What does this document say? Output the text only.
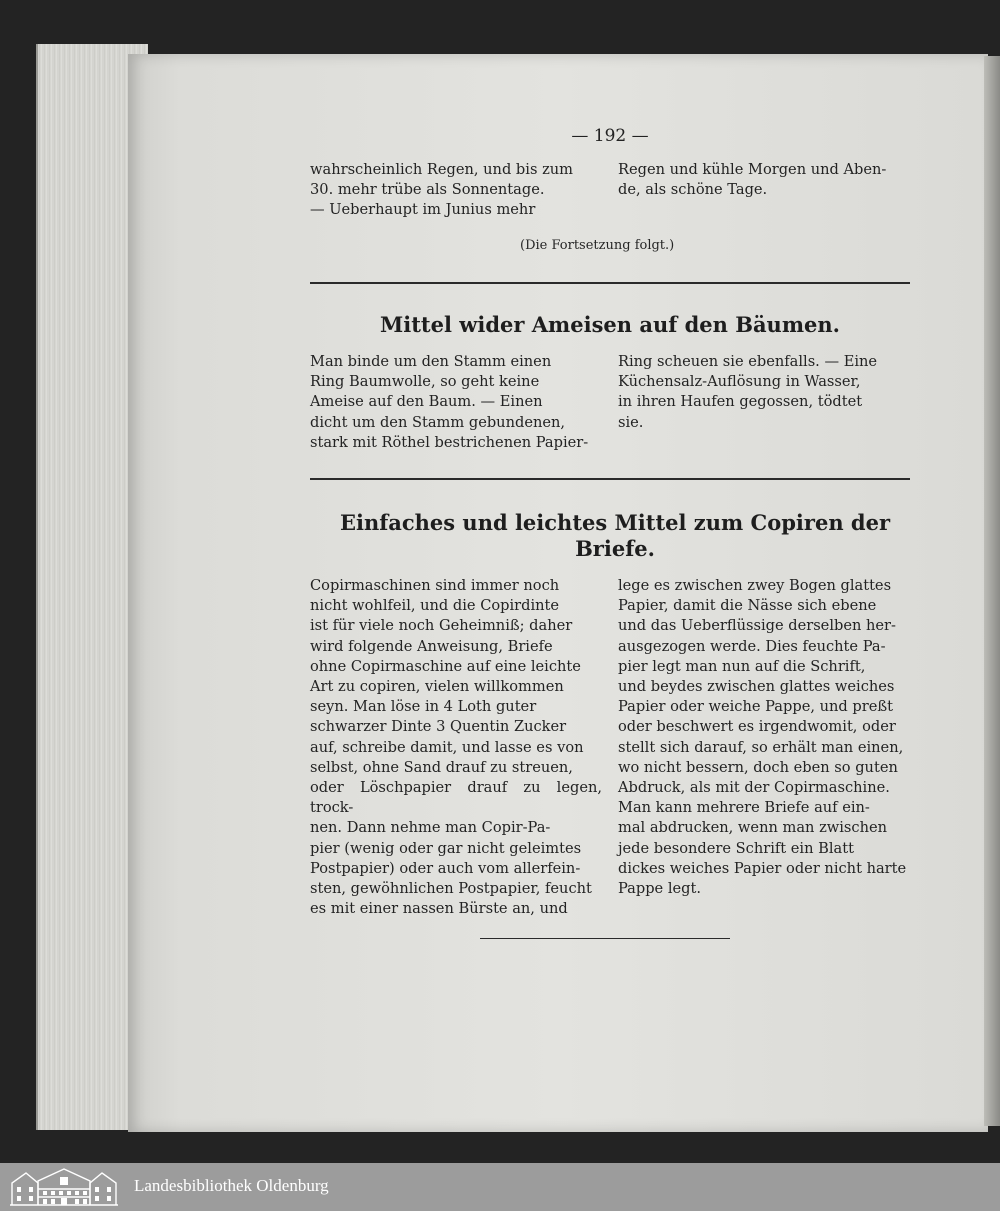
— 192 —

wahrscheinlich Regen, und bis zum

30. mehr trübe als Sonnentage.

— Ueberhaupt im Junius mehr

Regen und kühle Morgen und Aben-

de, als schöne Tage.

(Die Fortsetzung folgt.)
Mittel wider Ameisen auf den Bäumen.

Man binde um den Stamm einen

Ring Baumwolle, so geht keine

Ameise auf den Baum. — Einen

dicht um den Stamm gebundenen,

stark mit Röthel bestrichenen Papier-

Ring scheuen sie ebenfalls. — Eine

Küchensalz-Auflösung in Wasser,

in ihren Haufen gegossen, tödtet

sie.

Einfaches und leichtes Mittel zum Copiren der
Briefe.

Copirmaschinen sind immer noch

nicht wohlfeil, und die Copirdinte

ist für viele noch Geheimniß; daher

wird folgende Anweisung, Briefe

ohne Copirmaschine auf eine leichte

Art zu copiren, vielen willkommen

seyn. Man löse in 4 Loth guter

schwarzer Dinte 3 Quentin Zucker

auf, schreibe damit, und lasse es von

selbst, ohne Sand drauf zu streuen,

oder Löschpapier drauf zu legen, trock-

nen. Dann nehme man Copir-Pa-

pier (wenig oder gar nicht geleimtes

Postpapier) oder auch vom allerfein-

sten, gewöhnlichen Postpapier, feucht

es mit einer nassen Bürste an, und

lege es zwischen zwey Bogen glattes

Papier, damit die Nässe sich ebene

und das Ueberflüssige derselben her-

ausgezogen werde. Dies feuchte Pa-

pier legt man nun auf die Schrift,

und beydes zwischen glattes weiches

Papier oder weiche Pappe, und preßt

oder beschwert es irgendwomit, oder

stellt sich darauf, so erhält man einen,

wo nicht bessern, doch eben so guten

Abdruck, als mit der Copirmaschine.

Man kann mehrere Briefe auf ein-

mal abdrucken, wenn man zwischen

jede besondere Schrift ein Blatt

dickes weiches Papier oder nicht harte

Pappe legt.

Landesbibliothek Oldenburg
